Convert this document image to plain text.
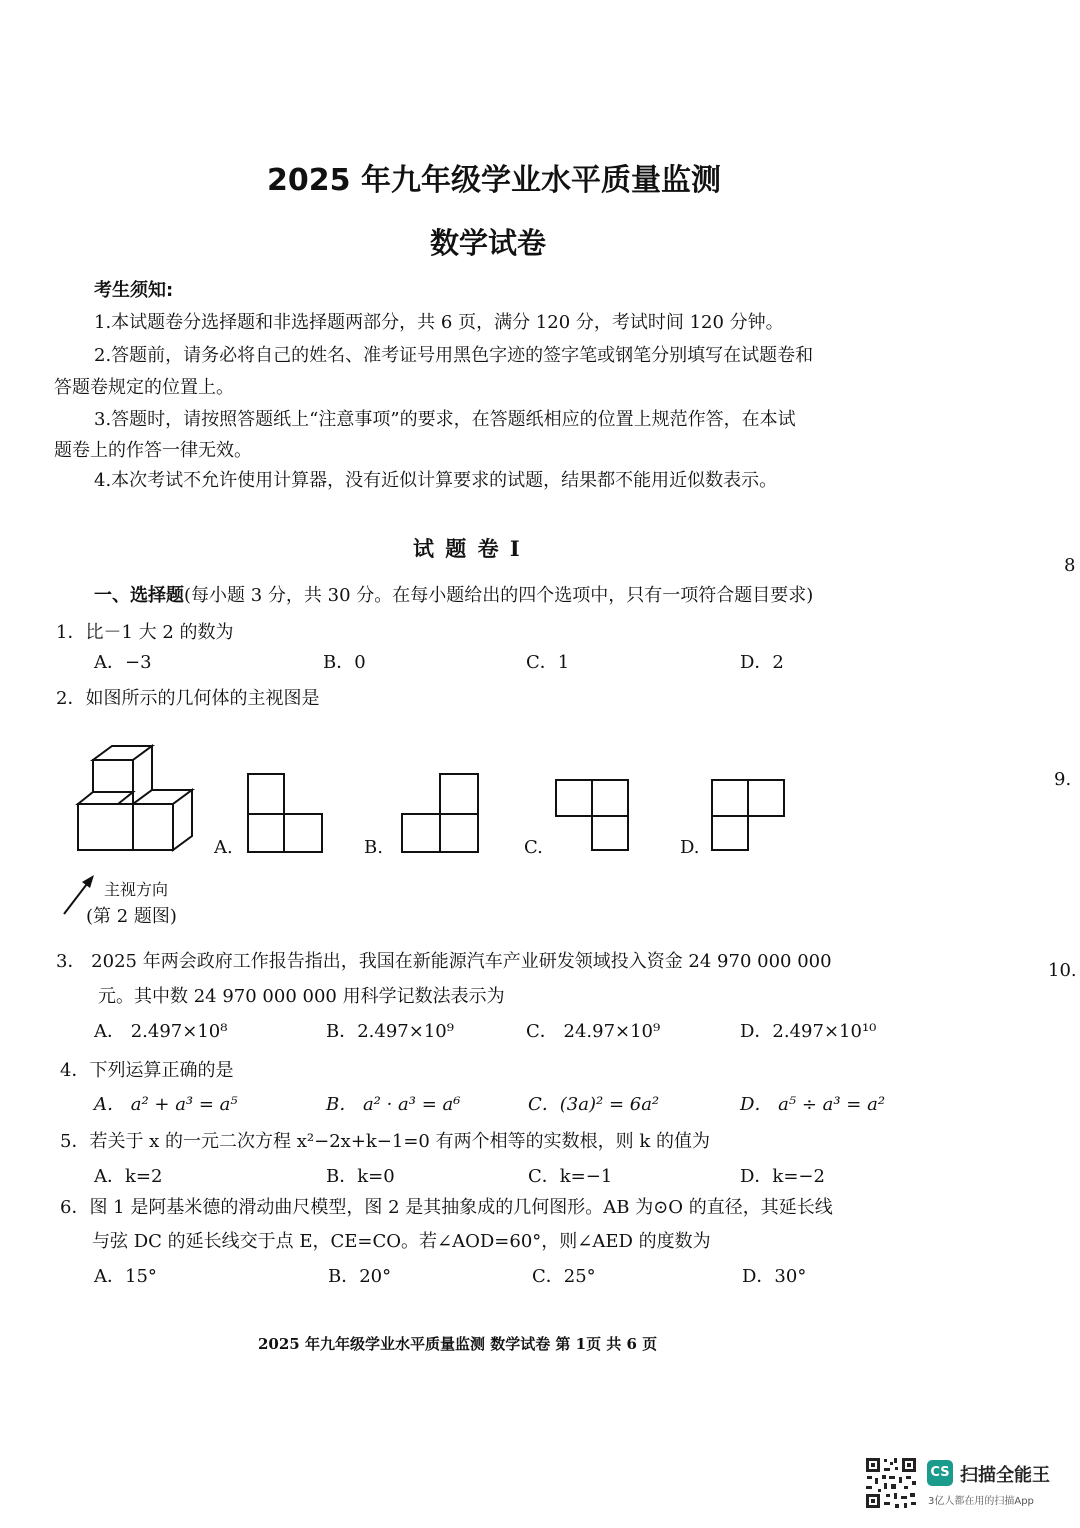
2025 年九年级学业水平质量监测
数学试卷
考生须知:
1.本试题卷分选择题和非选择题两部分，共 6 页，满分 120 分，考试时间 120 分钟。
2.答题前，请务必将自己的姓名、准考证号用黑色字迹的签字笔或钢笔分别填写在试题卷和
答题卷规定的位置上。
3.答题时，请按照答题纸上“注意事项”的要求，在答题纸相应的位置上规范作答，在本试
题卷上的作答一律无效。
4.本次考试不允许使用计算器，没有近似计算要求的试题，结果都不能用近似数表示。
试 题 卷 I
一、选择题(每小题 3 分，共 30 分。在每小题给出的四个选项中，只有一项符合题目要求)
1．比－1 大 2 的数为
A．−3	B．0	C．1	D．2
2．如图所示的几何体的主视图是
主视方向
(第 2 题图)
A.	B.	C.	D.
3． 2025 年两会政府工作报告指出，我国在新能源汽车产业研发领域投入资金 24 970 000 000
元。其中数 24 970 000 000 用科学记数法表示为
A． 2.497×10⁸	B．2.497×10⁹	C． 24.97×10⁹	D．2.497×10¹⁰
4．下列运算正确的是
A． a² + a³ = a⁵	B． a² · a³ = a⁶	C．(3a)² = 6a²	D． a⁵ ÷ a³ = a²
5．若关于 x 的一元二次方程 x²−2x+k−1=0 有两个相等的实数根，则 k 的值为
A．k=2	B．k=0	C．k=−1	D．k=−2
6．图 1 是阿基米德的滑动曲尺模型，图 2 是其抽象成的几何图形。AB 为⊙O 的直径，其延长线
与弦 DC 的延长线交于点 E，CE=CO。若∠AOD=60°，则∠AED 的度数为
A．15°	B．20°	C．25°	D．30°
8
9.
10.
2025 年九年级学业水平质量监测 数学试卷 第 1页 共 6 页
CS 扫描全能王
3亿人都在用的扫描App
